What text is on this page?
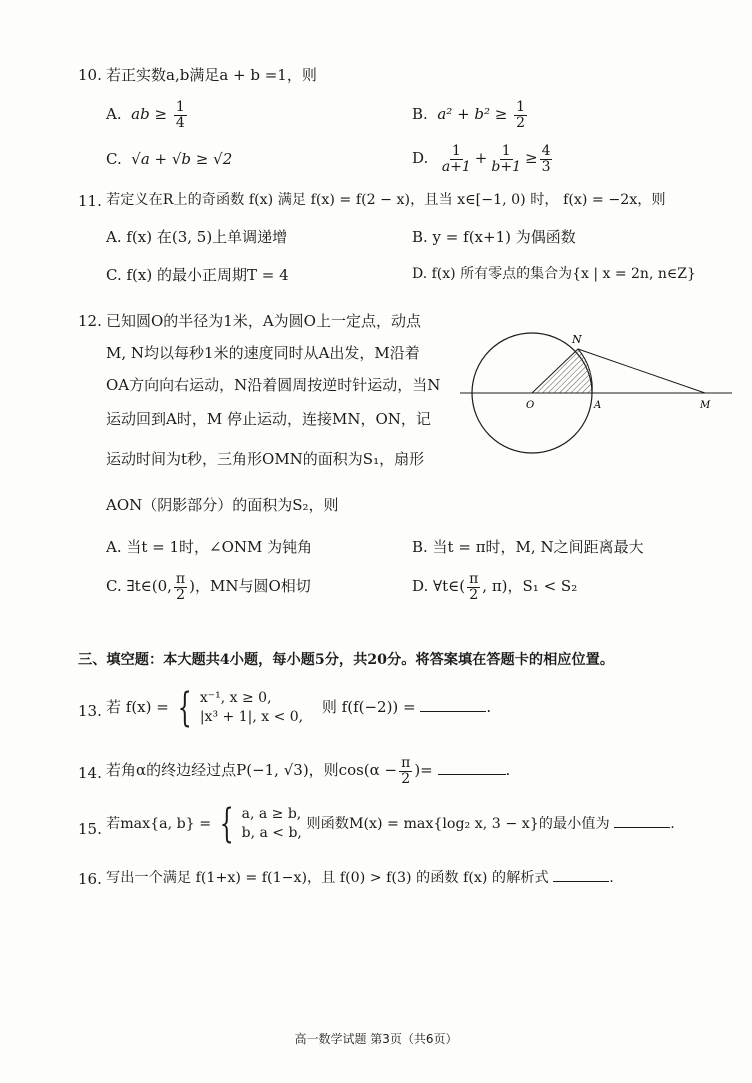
10. 若正实数a,b满足a + b =1，则
A. ab ≥ $\frac{1}{4}$	B. $a^2 + b^2 \ge \frac{1}{2}$
C. √a + √b ≥ √2	D. $\frac{1}{a+1} + \frac{1}{b+1} \ge \frac{4}{3}$
11. 若定义在R上的奇函数 f(x) 满足 f(x) = f(2 − x)，且当 x∈[−1, 0) 时， f(x) = −2x，则
A. f(x) 在(3, 5)上单调递增	B. y = f(x+1) 为偶函数
C. f(x) 的最小正周期T = 4	D. f(x) 所有零点的集合为{x | x = 2n, n∈Z}
12. 已知圆O的半径为1米，A为圆O上一定点，动点
M, N均以每秒1米的速度同时从A出发，M沿着
OA方向向右运动，N沿着圆周按逆时针运动，当N
运动回到A时，M 停止运动，连接MN，ON，记
运动时间为t秒，三角形OMN的面积为S₁，扇形
AON（阴影部分）的面积为S₂，则
N
O	A	M
A. 当t = 1时，∠ONM 为钝角	B. 当t = π时，M, N之间距离最大
C. ∃t∈(0, $\frac{\pi}{2}$ )，MN与圆O相切	D. ∀t∈( $\frac{\pi}{2}$ , π)，S₁ < S₂
三、填空题：本大题共4小题，每小题5分，共20分。将答案填在答题卡的相应位置。
13. 若 f(x) = { x⁻¹, x ≥ 0,
|x³ + 1|, x < 0,
则 f(f(−2)) =	.
14. 若角α的终边经过点P(−1, √3)，则$\cos(\alpha - \frac{\pi}{2}$ )=	.
15. 若max{a, b} = { a, a ≥ b,
b, a < b,
则函数M(x) = max{log₂ x, 3 − x}的最小值为	.
16. 写出一个满足 f(1+x) = f(1−x)，且 f(0) > f(3) 的函数 f(x) 的解析式	.
高一数学试题 第3页（共6页）
